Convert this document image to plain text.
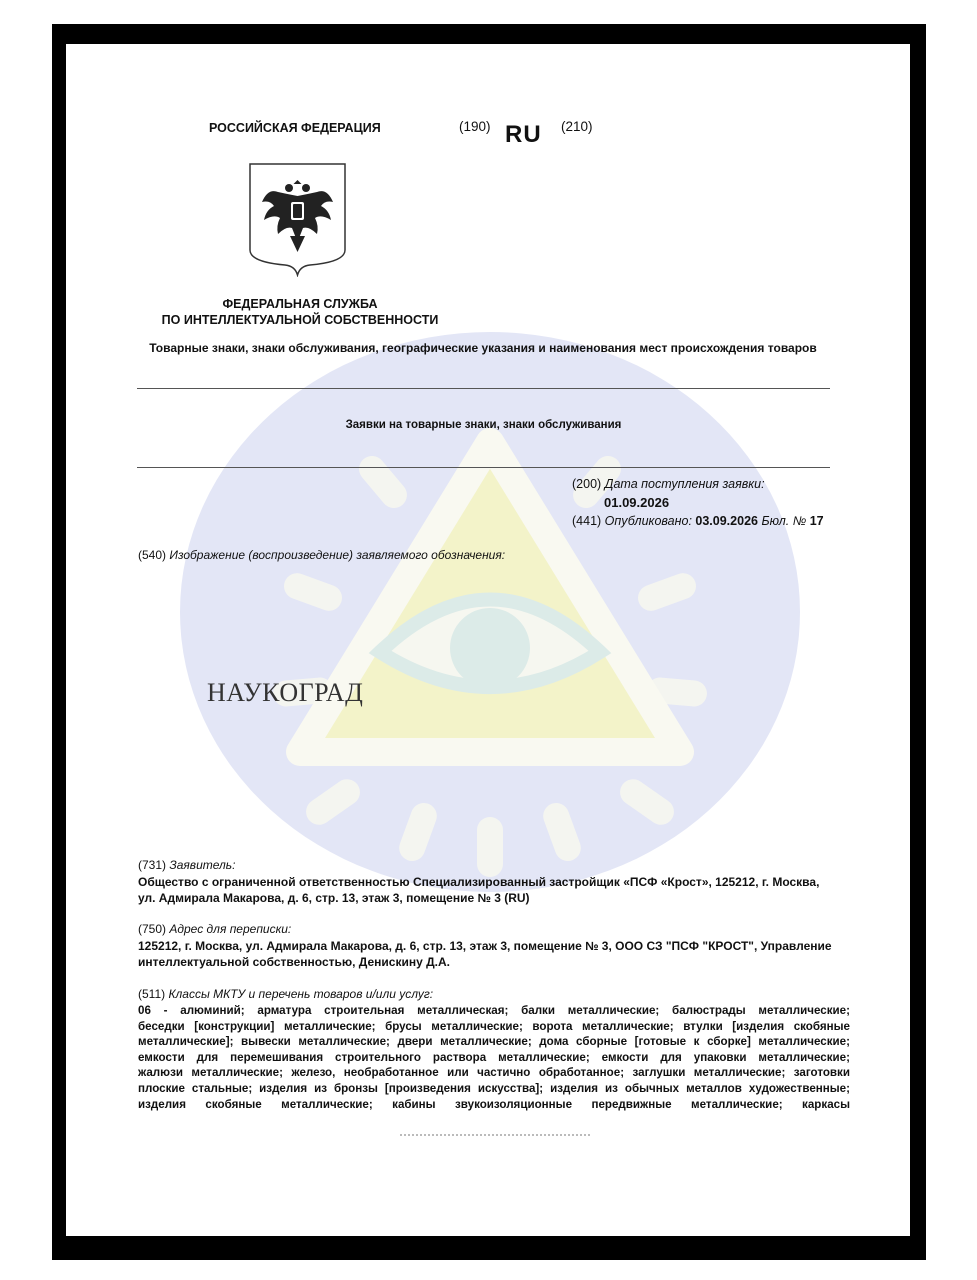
РОССИЙСКАЯ ФЕДЕРАЦИЯ	(190) RU (210)
ФЕДЕРАЛЬНАЯ СЛУЖБА
ПО ИНТЕЛЛЕКТУАЛЬНОЙ СОБСТВЕННОСТИ
Товарные знаки, знаки обслуживания, географические указания и наименования мест происхождения товаров
Заявки на товарные знаки, знаки обслуживания
(200) Дата поступления заявки:
01.09.2026
(441) Опубликовано: 03.09.2026 Бюл. № 17
(540) Изображение (воспроизведение) заявляемого обозначения:
НАУКОГРАД
(731) Заявитель:
Общество с ограниченной ответственностью Специализированный застройщик «ПСФ «Крост», 125212, г. Москва,
ул. Адмирала Макарова, д. 6, стр. 13, этаж 3, помещение № 3 (RU)
(750) Адрес для переписки:
125212, г. Москва, ул. Адмирала Макарова, д. 6, стр. 13, этаж 3, помещение № 3, ООО СЗ "ПСФ "КРОСТ", Управление
интеллектуальной собственностью, Денискину Д.А.
(511) Классы МКТУ и перечень товаров и/или услуг:
06 - алюминий; арматура строительная металлическая; балки металлические; балюстрады металлические;
беседки [конструкции] металлические; брусы металлические; ворота металлические; втулки [изделия скобяные
металлические]; вывески металлические; двери металлические; дома сборные [готовые к сборке] металлические;
емкости для перемешивания строительного раствора металлические; емкости для упаковки металлические;
жалюзи металлические; железо, необработанное или частично обработанное; заглушки металлические; заготовки
плоские стальные; изделия из бронзы [произведения искусства]; изделия из обычных металлов художественные;
изделия скобяные металлические; кабины звукоизоляционные передвижные металлические; каркасы
